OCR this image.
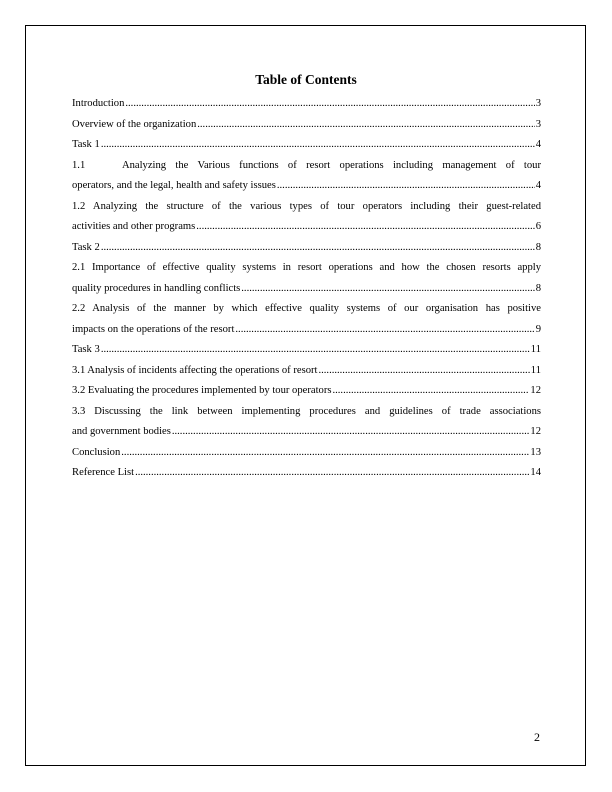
Table of Contents
Introduction .....	3
Overview of the organization .....	3
Task 1 .....	4
1.1    Analyzing the Various functions of resort operations including management of tour
operators, and the legal, health and safety issues .....	4
1.2 Analyzing the structure of the various types of tour operators including their guest-related
activities and other programs .....	6
Task 2 .....	8
2.1 Importance of effective quality systems in resort operations and how the chosen resorts apply
quality procedures in handling conflicts .....	8
2.2 Analysis of the manner by which effective quality systems of our organisation has positive
impacts on the operations of the resort .....	9
Task 3 .....	11
3.1 Analysis of incidents affecting the operations of resort .....	11
3.2 Evaluating the procedures implemented by tour operators .....	12
3.3 Discussing the link between implementing procedures and guidelines of trade associations
and government bodies .....	12
Conclusion .....	13
Reference List .....	14
2
